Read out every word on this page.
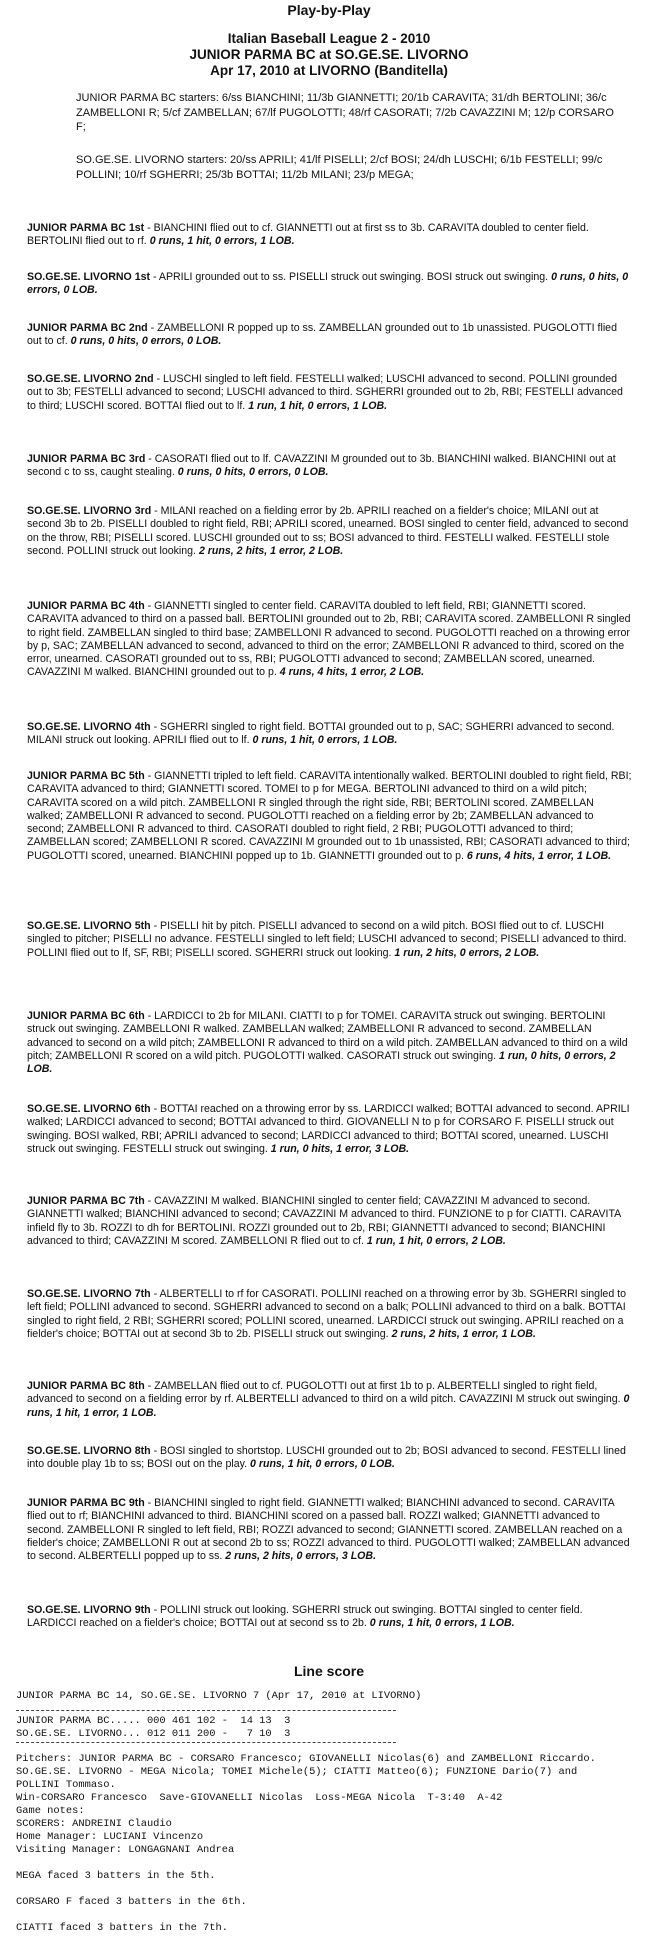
Play-by-Play
Italian Baseball League 2 - 2010
JUNIOR PARMA BC at SO.GE.SE. LIVORNO
Apr 17, 2010 at LIVORNO (Banditella)
JUNIOR PARMA BC starters: 6/ss BIANCHINI; 11/3b GIANNETTI; 20/1b CARAVITA; 31/dh BERTOLINI; 36/c ZAMBELLONI R; 5/cf ZAMBELLAN; 67/lf PUGOLOTTI; 48/rf CASORATI; 7/2b CAVAZZINI M; 12/p CORSARO F;
SO.GE.SE. LIVORNO starters: 20/ss APRILI; 41/lf PISELLI; 2/cf BOSI; 24/dh LUSCHI; 6/1b FESTELLI; 99/c POLLINI; 10/rf SGHERRI; 25/3b BOTTAI; 11/2b MILANI; 23/p MEGA;
JUNIOR PARMA BC 1st - BIANCHINI flied out to cf. GIANNETTI out at first ss to 3b. CARAVITA doubled to center field. BERTOLINI flied out to rf. 0 runs, 1 hit, 0 errors, 1 LOB.
SO.GE.SE. LIVORNO 1st - APRILI grounded out to ss. PISELLI struck out swinging. BOSI struck out swinging. 0 runs, 0 hits, 0 errors, 0 LOB.
JUNIOR PARMA BC 2nd - ZAMBELLONI R popped up to ss. ZAMBELLAN grounded out to 1b unassisted. PUGOLOTTI flied out to cf. 0 runs, 0 hits, 0 errors, 0 LOB.
SO.GE.SE. LIVORNO 2nd - LUSCHI singled to left field. FESTELLI walked; LUSCHI advanced to second. POLLINI grounded out to 3b; FESTELLI advanced to second; LUSCHI advanced to third. SGHERRI grounded out to 2b, RBI; FESTELLI advanced to third; LUSCHI scored. BOTTAI flied out to lf. 1 run, 1 hit, 0 errors, 1 LOB.
JUNIOR PARMA BC 3rd - CASORATI flied out to lf. CAVAZZINI M grounded out to 3b. BIANCHINI walked. BIANCHINI out at second c to ss, caught stealing. 0 runs, 0 hits, 0 errors, 0 LOB.
SO.GE.SE. LIVORNO 3rd - MILANI reached on a fielding error by 2b. APRILI reached on a fielder's choice; MILANI out at second 3b to 2b. PISELLI doubled to right field, RBI; APRILI scored, unearned. BOSI singled to center field, advanced to second on the throw, RBI; PISELLI scored. LUSCHI grounded out to ss; BOSI advanced to third. FESTELLI walked. FESTELLI stole second. POLLINI struck out looking. 2 runs, 2 hits, 1 error, 2 LOB.
JUNIOR PARMA BC 4th - GIANNETTI singled to center field. CARAVITA doubled to left field, RBI; GIANNETTI scored. CARAVITA advanced to third on a passed ball. BERTOLINI grounded out to 2b, RBI; CARAVITA scored. ZAMBELLONI R singled to right field. ZAMBELLAN singled to third base; ZAMBELLONI R advanced to second. PUGOLOTTI reached on a throwing error by p, SAC; ZAMBELLAN advanced to second, advanced to third on the error; ZAMBELLONI R advanced to third, scored on the error, unearned. CASORATI grounded out to ss, RBI; PUGOLOTTI advanced to second; ZAMBELLAN scored, unearned. CAVAZZINI M walked. BIANCHINI grounded out to p. 4 runs, 4 hits, 1 error, 2 LOB.
SO.GE.SE. LIVORNO 4th - SGHERRI singled to right field. BOTTAI grounded out to p, SAC; SGHERRI advanced to second. MILANI struck out looking. APRILI flied out to lf. 0 runs, 1 hit, 0 errors, 1 LOB.
JUNIOR PARMA BC 5th - GIANNETTI tripled to left field. CARAVITA intentionally walked. BERTOLINI doubled to right field, RBI; CARAVITA advanced to third; GIANNETTI scored. TOMEI to p for MEGA. BERTOLINI advanced to third on a wild pitch; CARAVITA scored on a wild pitch. ZAMBELLONI R singled through the right side, RBI; BERTOLINI scored. ZAMBELLAN walked; ZAMBELLONI R advanced to second. PUGOLOTTI reached on a fielding error by 2b; ZAMBELLAN advanced to second; ZAMBELLONI R advanced to third. CASORATI doubled to right field, 2 RBI; PUGOLOTTI advanced to third; ZAMBELLAN scored; ZAMBELLONI R scored. CAVAZZINI M grounded out to 1b unassisted, RBI; CASORATI advanced to third; PUGOLOTTI scored, unearned. BIANCHINI popped up to 1b. GIANNETTI grounded out to p. 6 runs, 4 hits, 1 error, 1 LOB.
SO.GE.SE. LIVORNO 5th - PISELLI hit by pitch. PISELLI advanced to second on a wild pitch. BOSI flied out to cf. LUSCHI singled to pitcher; PISELLI no advance. FESTELLI singled to left field; LUSCHI advanced to second; PISELLI advanced to third. POLLINI flied out to lf, SF, RBI; PISELLI scored. SGHERRI struck out looking. 1 run, 2 hits, 0 errors, 2 LOB.
JUNIOR PARMA BC 6th - LARDICCI to 2b for MILANI. CIATTI to p for TOMEI. CARAVITA struck out swinging. BERTOLINI struck out swinging. ZAMBELLONI R walked. ZAMBELLAN walked; ZAMBELLONI R advanced to second. ZAMBELLAN advanced to second on a wild pitch; ZAMBELLONI R advanced to third on a wild pitch. ZAMBELLAN advanced to third on a wild pitch; ZAMBELLONI R scored on a wild pitch. PUGOLOTTI walked. CASORATI struck out swinging. 1 run, 0 hits, 0 errors, 2 LOB.
SO.GE.SE. LIVORNO 6th - BOTTAI reached on a throwing error by ss. LARDICCI walked; BOTTAI advanced to second. APRILI walked; LARDICCI advanced to second; BOTTAI advanced to third. GIOVANELLI N to p for CORSARO F. PISELLI struck out swinging. BOSI walked, RBI; APRILI advanced to second; LARDICCI advanced to third; BOTTAI scored, unearned. LUSCHI struck out swinging. FESTELLI struck out swinging. 1 run, 0 hits, 1 error, 3 LOB.
JUNIOR PARMA BC 7th - CAVAZZINI M walked. BIANCHINI singled to center field; CAVAZZINI M advanced to second. GIANNETTI walked; BIANCHINI advanced to second; CAVAZZINI M advanced to third. FUNZIONE to p for CIATTI. CARAVITA infield fly to 3b. ROZZI to dh for BERTOLINI. ROZZI grounded out to 2b, RBI; GIANNETTI advanced to second; BIANCHINI advanced to third; CAVAZZINI M scored. ZAMBELLONI R flied out to cf. 1 run, 1 hit, 0 errors, 2 LOB.
SO.GE.SE. LIVORNO 7th - ALBERTELLI to rf for CASORATI. POLLINI reached on a throwing error by 3b. SGHERRI singled to left field; POLLINI advanced to second. SGHERRI advanced to second on a balk; POLLINI advanced to third on a balk. BOTTAI singled to right field, 2 RBI; SGHERRI scored; POLLINI scored, unearned. LARDICCI struck out swinging. APRILI reached on a fielder's choice; BOTTAI out at second 3b to 2b. PISELLI struck out swinging. 2 runs, 2 hits, 1 error, 1 LOB.
JUNIOR PARMA BC 8th - ZAMBELLAN flied out to cf. PUGOLOTTI out at first 1b to p. ALBERTELLI singled to right field, advanced to second on a fielding error by rf. ALBERTELLI advanced to third on a wild pitch. CAVAZZINI M struck out swinging. 0 runs, 1 hit, 1 error, 1 LOB.
SO.GE.SE. LIVORNO 8th - BOSI singled to shortstop. LUSCHI grounded out to 2b; BOSI advanced to second. FESTELLI lined into double play 1b to ss; BOSI out on the play. 0 runs, 1 hit, 0 errors, 0 LOB.
JUNIOR PARMA BC 9th - BIANCHINI singled to right field. GIANNETTI walked; BIANCHINI advanced to second. CARAVITA flied out to rf; BIANCHINI advanced to third. BIANCHINI scored on a passed ball. ROZZI walked; GIANNETTI advanced to second. ZAMBELLONI R singled to left field, RBI; ROZZI advanced to second; GIANNETTI scored. ZAMBELLAN reached on a fielder's choice; ZAMBELLONI R out at second 2b to ss; ROZZI advanced to third. PUGOLOTTI walked; ZAMBELLAN advanced to second. ALBERTELLI popped up to ss. 2 runs, 2 hits, 0 errors, 3 LOB.
SO.GE.SE. LIVORNO 9th - POLLINI struck out looking. SGHERRI struck out swinging. BOTTAI singled to center field. LARDICCI reached on a fielder's choice; BOTTAI out at second ss to 2b. 0 runs, 1 hit, 0 errors, 1 LOB.
Line score
JUNIOR PARMA BC 14, SO.GE.SE. LIVORNO 7 (Apr 17, 2010 at LIVORNO)
JUNIOR PARMA BC..... 000 461 102 -  14 13  3
SO.GE.SE. LIVORNO... 012 011 200 -   7 10  3
Pitchers: JUNIOR PARMA BC - CORSARO Francesco; GIOVANELLI Nicolas(6) and ZAMBELLONI Riccardo.
SO.GE.SE. LIVORNO - MEGA Nicola; TOMEI Michele(5); CIATTI Matteo(6); FUNZIONE Dario(7) and
POLLINI Tommaso.
Win-CORSARO Francesco  Save-GIOVANELLI Nicolas  Loss-MEGA Nicola  T-3:40  A-42
Game notes:
SCORERS: ANDREINI Claudio
Home Manager: LUCIANI Vincenzo
Visiting Manager: LONGAGNANI Andrea
MEGA faced 3 batters in the 5th.
CORSARO F faced 3 batters in the 6th.
CIATTI faced 3 batters in the 7th.
